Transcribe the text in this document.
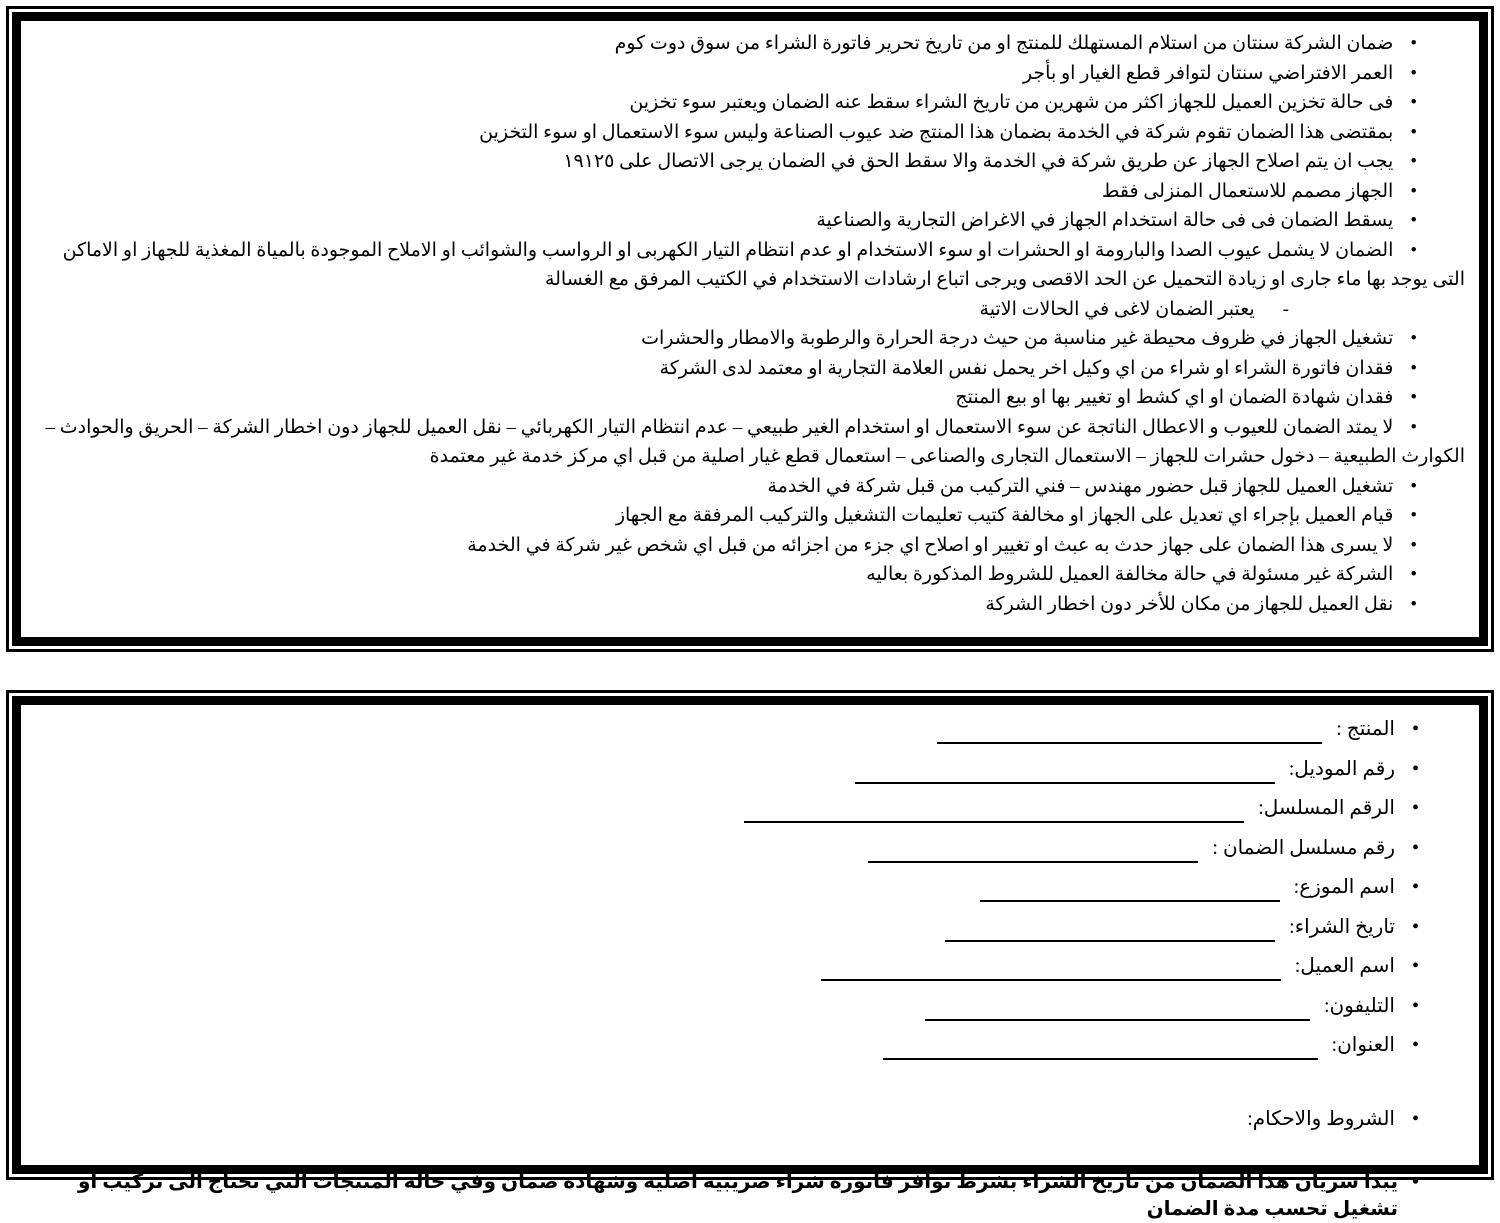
•ضمان الشركة سنتان من استلام المستهلك للمنتج او من تاريخ تحرير فاتورة الشراء من سوق دوت كوم
•العمر الافتراضي سنتان لتوافر قطع الغيار او بأجر
•فى حالة تخزين العميل للجهاز اكثر من شهرين من تاريخ الشراء سقط عنه الضمان ويعتبر سوء تخزين
•بمقتضى هذا الضمان تقوم شركة في الخدمة بضمان هذا المنتج ضد عيوب الصناعة وليس سوء الاستعمال او سوء التخزين
•يجب ان يتم اصلاح الجهاز عن طريق شركة في الخدمة والا سقط الحق في الضمان يرجى الاتصال على ١٩١٢٥
•الجهاز مصمم للاستعمال المنزلى فقط
•يسقط الضمان فى فى حالة استخدام الجهاز في الاغراض التجارية والصناعية
•الضمان لا يشمل عيوب الصدا والبارومة او الحشرات او سوء الاستخدام او عدم انتظام التيار الكهربى او الرواسب والشوائب او الاملاح الموجودة بالمياة المغذية للجهاز او الاماكن التى يوجد بها ماء جارى او زيادة التحميل عن الحد الاقصى ويرجى اتباع ارشادات الاستخدام في الكتيب المرفق مع الغسالة
-يعتبر الضمان لاغى في الحالات الاتية
•تشغيل الجهاز في ظروف محيطة غير مناسبة من حيث درجة الحرارة والرطوبة والامطار والحشرات
•فقدان فاتورة الشراء او شراء من اي وكيل اخر يحمل نفس العلامة التجارية او معتمد لدى الشركة
•فقدان شهادة الضمان او اي كشط او تغيير بها او بيع المنتج
•لا يمتد الضمان للعيوب و الاعطال الناتجة عن سوء الاستعمال او استخدام الغير طبيعي – عدم انتظام التيار الكهربائي – نقل العميل للجهاز دون اخطار الشركة – الحريق والحوادث – الكوارث الطبيعية – دخول حشرات للجهاز – الاستعمال التجارى والصناعى – استعمال قطع غيار اصلية من قبل اي مركز خدمة غير معتمدة
•تشغيل العميل للجهاز قبل حضور مهندس – فني التركيب من قبل شركة في الخدمة
•قيام العميل بإجراء اي تعديل على الجهاز او مخالفة كتيب تعليمات التشغيل والتركيب المرفقة مع الجهاز
•لا يسرى هذا الضمان على جهاز حدث به عبث او تغيير او اصلاح اي جزء من اجزائه من قبل اي شخص غير شركة في الخدمة
•الشركة غير مسئولة في حالة مخالفة العميل للشروط المذكورة بعاليه
•نقل العميل للجهاز من مكان للأخر دون اخطار الشركة
•
المنتج :
•
رقم الموديل:
•
الرقم المسلسل:
•
رقم مسلسل الضمان :
•
اسم الموزع:
•
تاريخ الشراء:
•
اسم العميل:
•
التليفون:
•
العنوان:
•
الشروط والاحكام:
•
يبدأ سريان هذا الضمان من تاريخ الشراء بشرط توافر فاتورة شراء ضريبيه اصلية وشهادة ضمان وفي حالة المنتجات التي تحتاج الى تركيب او تشغيل تحسب مدة الضمان
